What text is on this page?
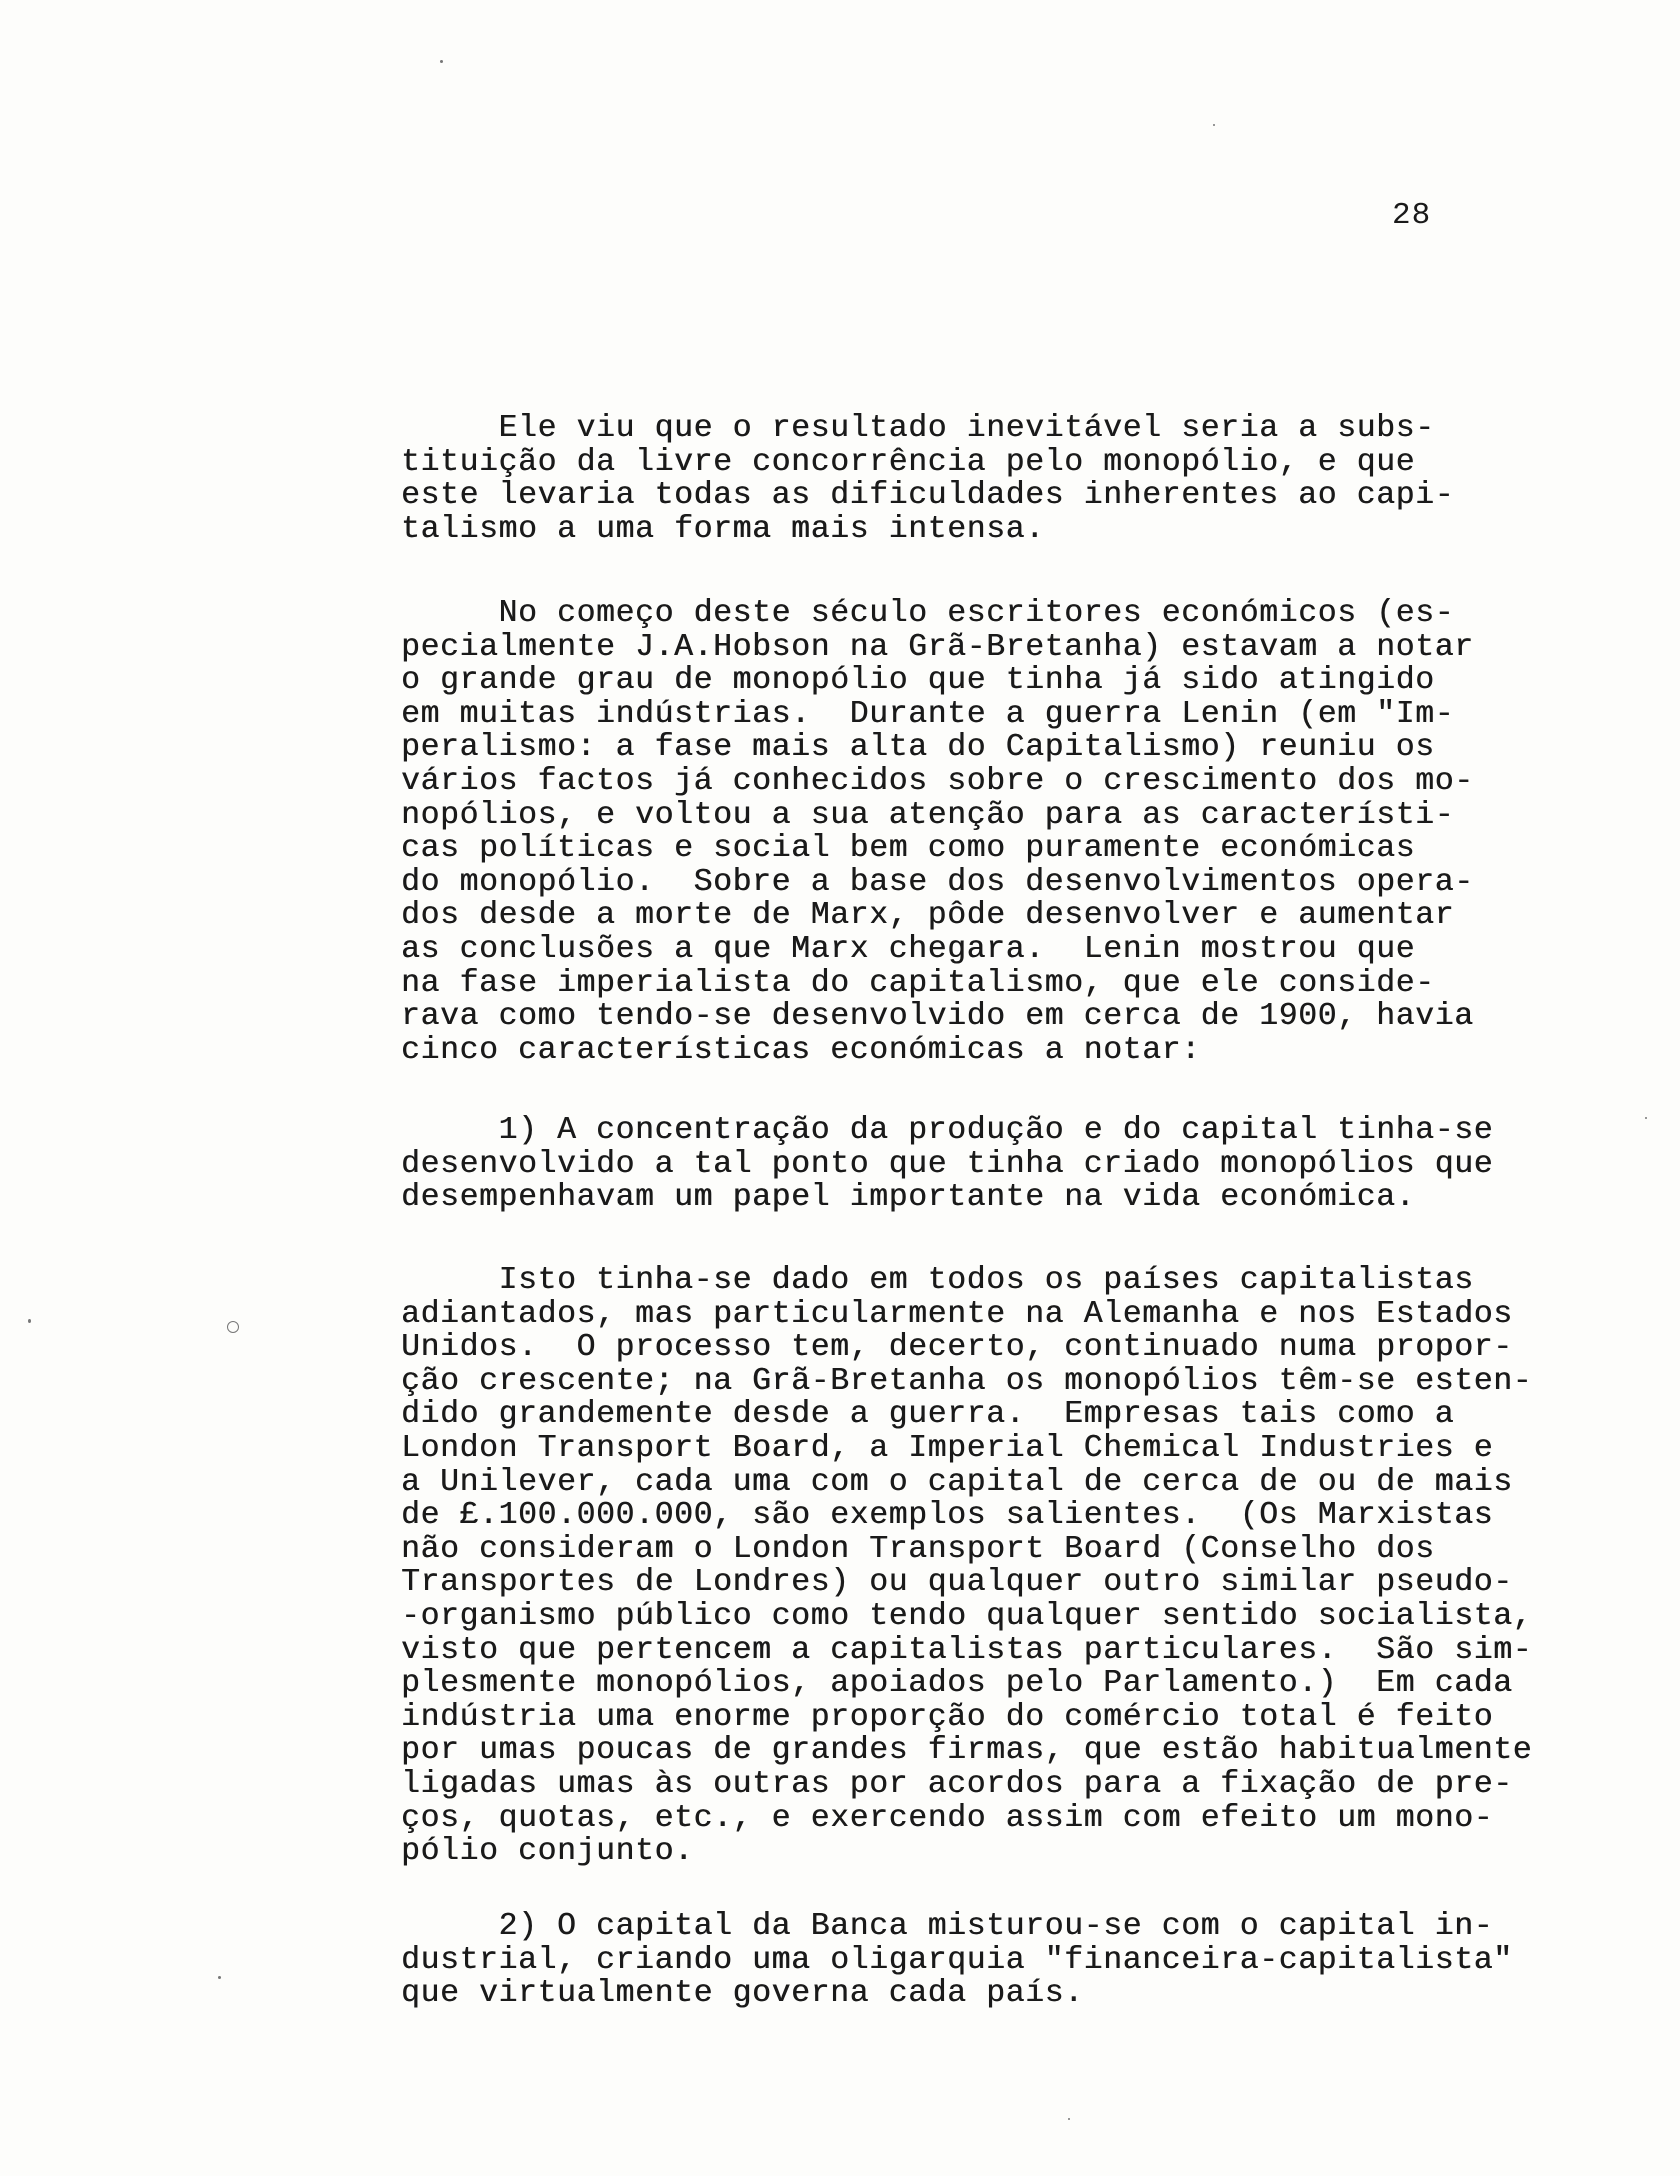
28
Ele viu que o resultado inevitável seria a subs-
tituição da livre concorrência pelo monopólio, e que
este levaria todas as dificuldades inherentes ao capi-
talismo a uma forma mais intensa.
No começo deste século escritores económicos (es-
pecialmente J.A.Hobson na Grã-Bretanha) estavam a notar
o grande grau de monopólio que tinha já sido atingido
em muitas indústrias.  Durante a guerra Lenin (em "Im-
peralismo: a fase mais alta do Capitalismo) reuniu os
vários factos já conhecidos sobre o crescimento dos mo-
nopólios, e voltou a sua atenção para as característi-
cas políticas e social bem como puramente económicas
do monopólio.  Sobre a base dos desenvolvimentos opera-
dos desde a morte de Marx, pôde desenvolver e aumentar
as conclusões a que Marx chegara.  Lenin mostrou que
na fase imperialista do capitalismo, que ele conside-
rava como tendo-se desenvolvido em cerca de 1900, havia
cinco características económicas a notar:
1) A concentração da produção e do capital tinha-se
desenvolvido a tal ponto que tinha criado monopólios que
desempenhavam um papel importante na vida económica.
Isto tinha-se dado em todos os países capitalistas
adiantados, mas particularmente na Alemanha e nos Estados
Unidos.  O processo tem, decerto, continuado numa propor-
ção crescente; na Grã-Bretanha os monopólios têm-se esten-
dido grandemente desde a guerra.  Empresas tais como a
London Transport Board, a Imperial Chemical Industries e
a Unilever, cada uma com o capital de cerca de ou de mais
de £.100.000.000, são exemplos salientes.  (Os Marxistas
não consideram o London Transport Board (Conselho dos
Transportes de Londres) ou qualquer outro similar pseudo-
-organismo público como tendo qualquer sentido socialista,
visto que pertencem a capitalistas particulares.  São sim-
plesmente monopólios, apoiados pelo Parlamento.)  Em cada
indústria uma enorme proporção do comércio total é feito
por umas poucas de grandes firmas, que estão habitualmente
ligadas umas às outras por acordos para a fixação de pre-
ços, quotas, etc., e exercendo assim com efeito um mono-
pólio conjunto.
2) O capital da Banca misturou-se com o capital in-
dustrial, criando uma oligarquia "financeira-capitalista"
que virtualmente governa cada país.
